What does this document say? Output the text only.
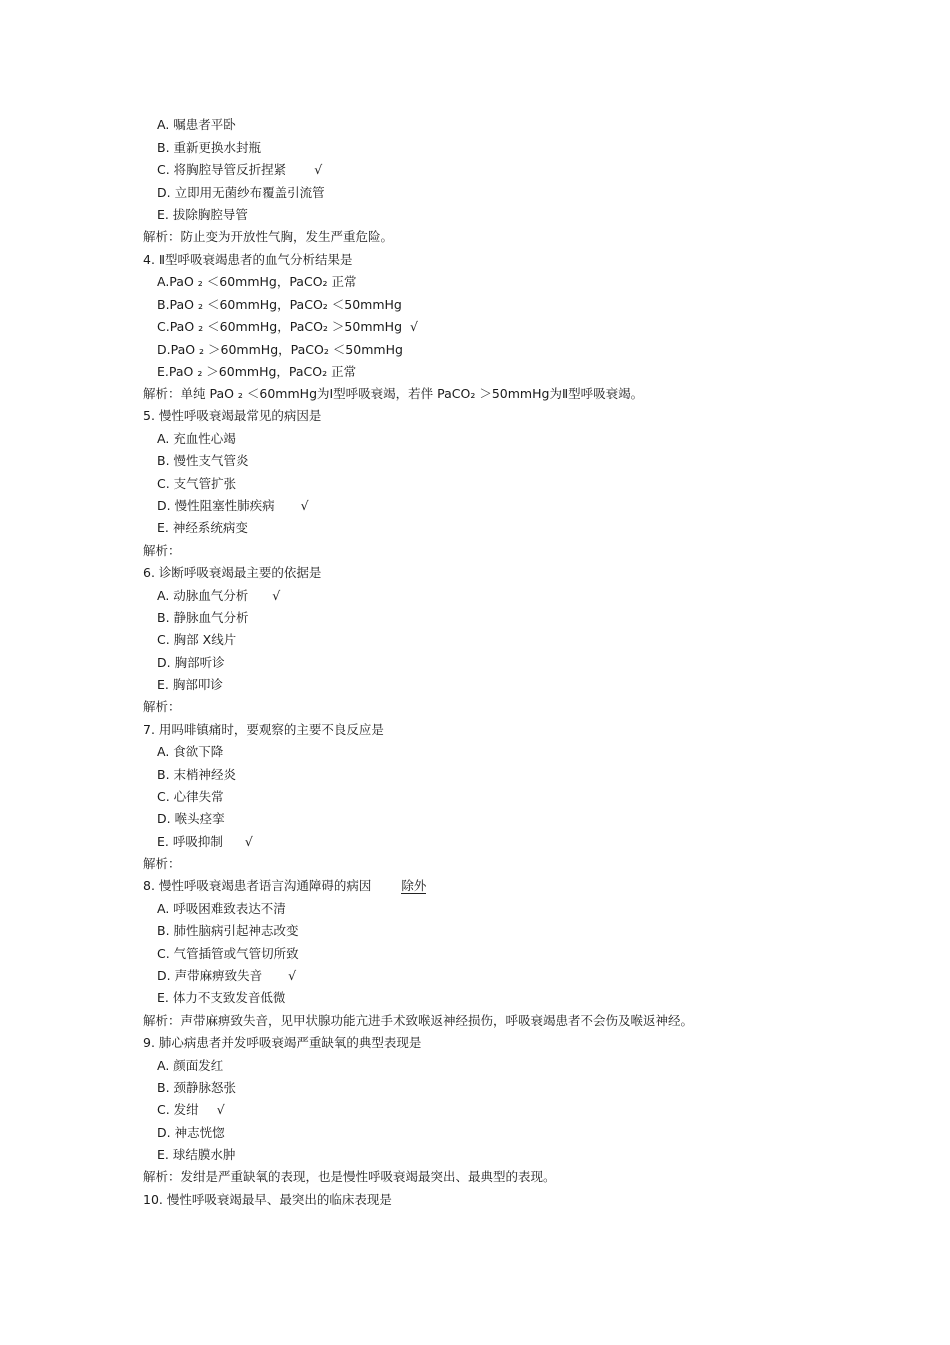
A. 嘱患者平卧
B. 重新更换水封瓶
C. 将胸腔导管反折捏紧 √
D. 立即用无菌纱布覆盖引流管
E. 拔除胸腔导管
解析：防止变为开放性气胸，发生严重危险。
4. Ⅱ型呼吸衰竭患者的血气分析结果是
A.PaO ₂ ＜60mmHg，PaCO₂ 正常
B.PaO ₂ ＜60mmHg，PaCO₂ ＜50mmHg
C.PaO ₂ ＜60mmHg，PaCO₂ ＞50mmHg √
D.PaO ₂ ＞60mmHg，PaCO₂ ＜50mmHg
E.PaO ₂ ＞60mmHg，PaCO₂ 正常
解析：单纯 PaO ₂ ＜60mmHg为Ⅰ型呼吸衰竭，若伴 PaCO₂ ＞50mmHg为Ⅱ型呼吸衰竭。
5. 慢性呼吸衰竭最常见的病因是
A. 充血性心竭
B. 慢性支气管炎
C. 支气管扩张
D. 慢性阻塞性肺疾病 √
E. 神经系统病变
解析：
6. 诊断呼吸衰竭最主要的依据是
A. 动脉血气分析 √
B. 静脉血气分析
C. 胸部 X线片
D. 胸部听诊
E. 胸部叩诊
解析：
7. 用吗啡镇痛时，要观察的主要不良反应是
A. 食欲下降
B. 末梢神经炎
C. 心律失常
D. 喉头痉挛
E. 呼吸抑制 √
解析：
8. 慢性呼吸衰竭患者语言沟通障碍的病因 除外
A. 呼吸困难致表达不清
B. 肺性脑病引起神志改变
C. 气管插管或气管切所致
D. 声带麻痹致失音 √
E. 体力不支致发音低微
解析：声带麻痹致失音，见甲状腺功能亢进手术致喉返神经损伤，呼吸衰竭患者不会伤及喉返神经。
9. 肺心病患者并发呼吸衰竭严重缺氧的典型表现是
A. 颜面发红
B. 颈静脉怒张
C. 发绀 √
D. 神志恍惚
E. 球结膜水肿
解析：发绀是严重缺氧的表现，也是慢性呼吸衰竭最突出、最典型的表现。
10. 慢性呼吸衰竭最早、最突出的临床表现是
